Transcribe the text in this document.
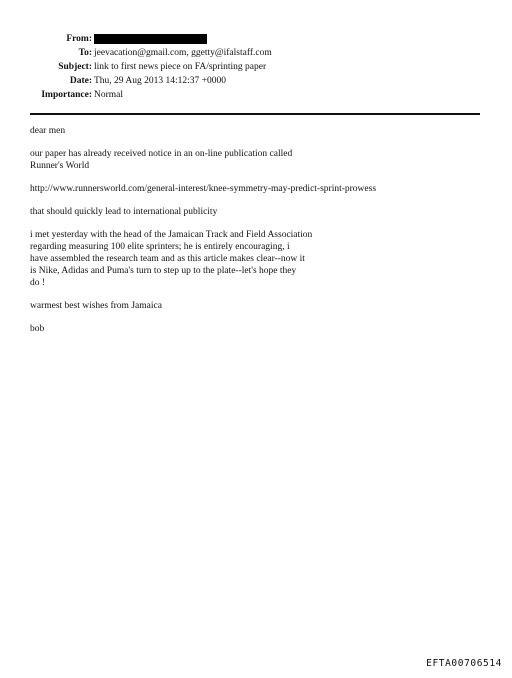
From:
To: jeevacation@gmail.com, ggetty@ifalstaff.com
Subject: link to first news piece on FA/sprinting paper
Date: Thu, 29 Aug 2013 14:12:37 +0000
Importance: Normal

dear men

our paper has already received notice in an on-line publication called
Runner's World

http://www.runnersworld.com/general-interest/knee-symmetry-may-predict-sprint-prowess

that should quickly lead to international publicity

i met yesterday with the head of the Jamaican Track and Field Association
regarding measuring 100 elite sprinters; he is entirely encouraging, i
have assembled the research team and as this article makes clear--now it
is Nike, Adidas and Puma's turn to step up to the plate--let's hope they
do !

warmest best wishes from Jamaica

bob

EFTA00706514
